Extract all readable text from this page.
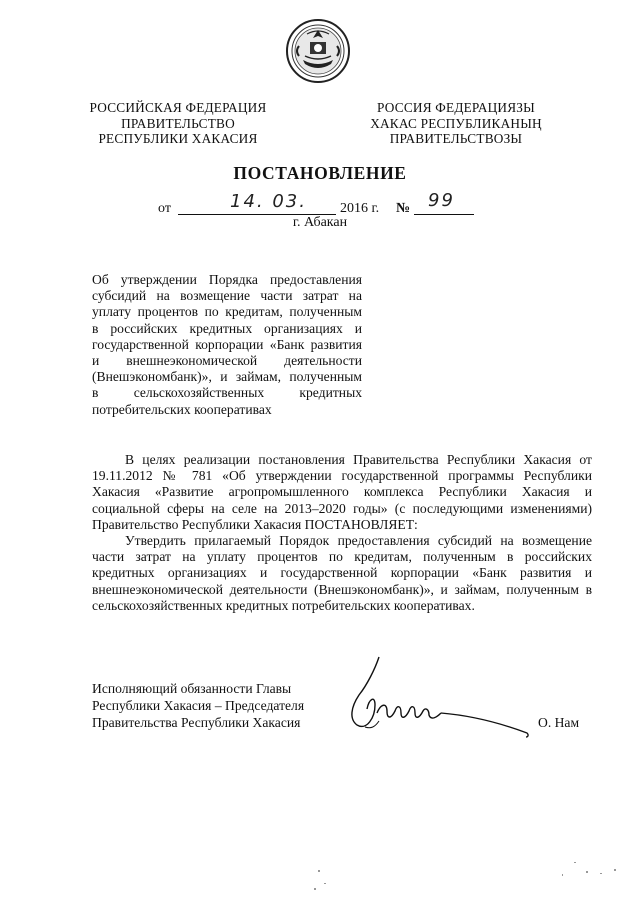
РОССИЙСКАЯ ФЕДЕРАЦИЯ
ПРАВИТЕЛЬСТВО
РЕСПУБЛИКИ ХАКАСИЯ
РОССИЯ ФЕДЕРАЦИЯЗЫ
ХАКАС РЕСПУБЛИКАНЫҢ
ПРАВИТЕЛЬСТВОЗЫ
ПОСТАНОВЛЕНИЕ
от	14. 03. 2016 г. № 99
г. Абакан
Об утверждении Порядка предоставления
субсидий на возмещение части затрат на
уплату процентов по кредитам, полученным
в российских кредитных организациях и
государственной корпорации «Банк развития
и внешнеэкономической деятельности
(Внешэкономбанк)», и займам, полученным
в сельскохозяйственных кредитных
потребительских кооперативах
В целях реализации постановления Правительства Республики Хакасия от
19.11.2012 № 781 «Об утверждении государственной программы Республики
Хакасия «Развитие агропромышленного комплекса Республики Хакасия и
социальной сферы на селе на 2013–2020 годы» (с последующими изменениями)
Правительство Республики Хакасия ПОСТАНОВЛЯЕТ:
Утвердить прилагаемый Порядок предоставления субсидий на возмещение
части затрат на уплату процентов по кредитам, полученным в российских
кредитных организациях и государственной корпорации «Банк развития и
внешнеэкономической деятельности (Внешэкономбанк)», и займам, полученным в
сельскохозяйственных кредитных потребительских кооперативах.
Исполняющий обязанности Главы
Республики Хакасия – Председателя
Правительства Республики Хакасия	О. Нам
